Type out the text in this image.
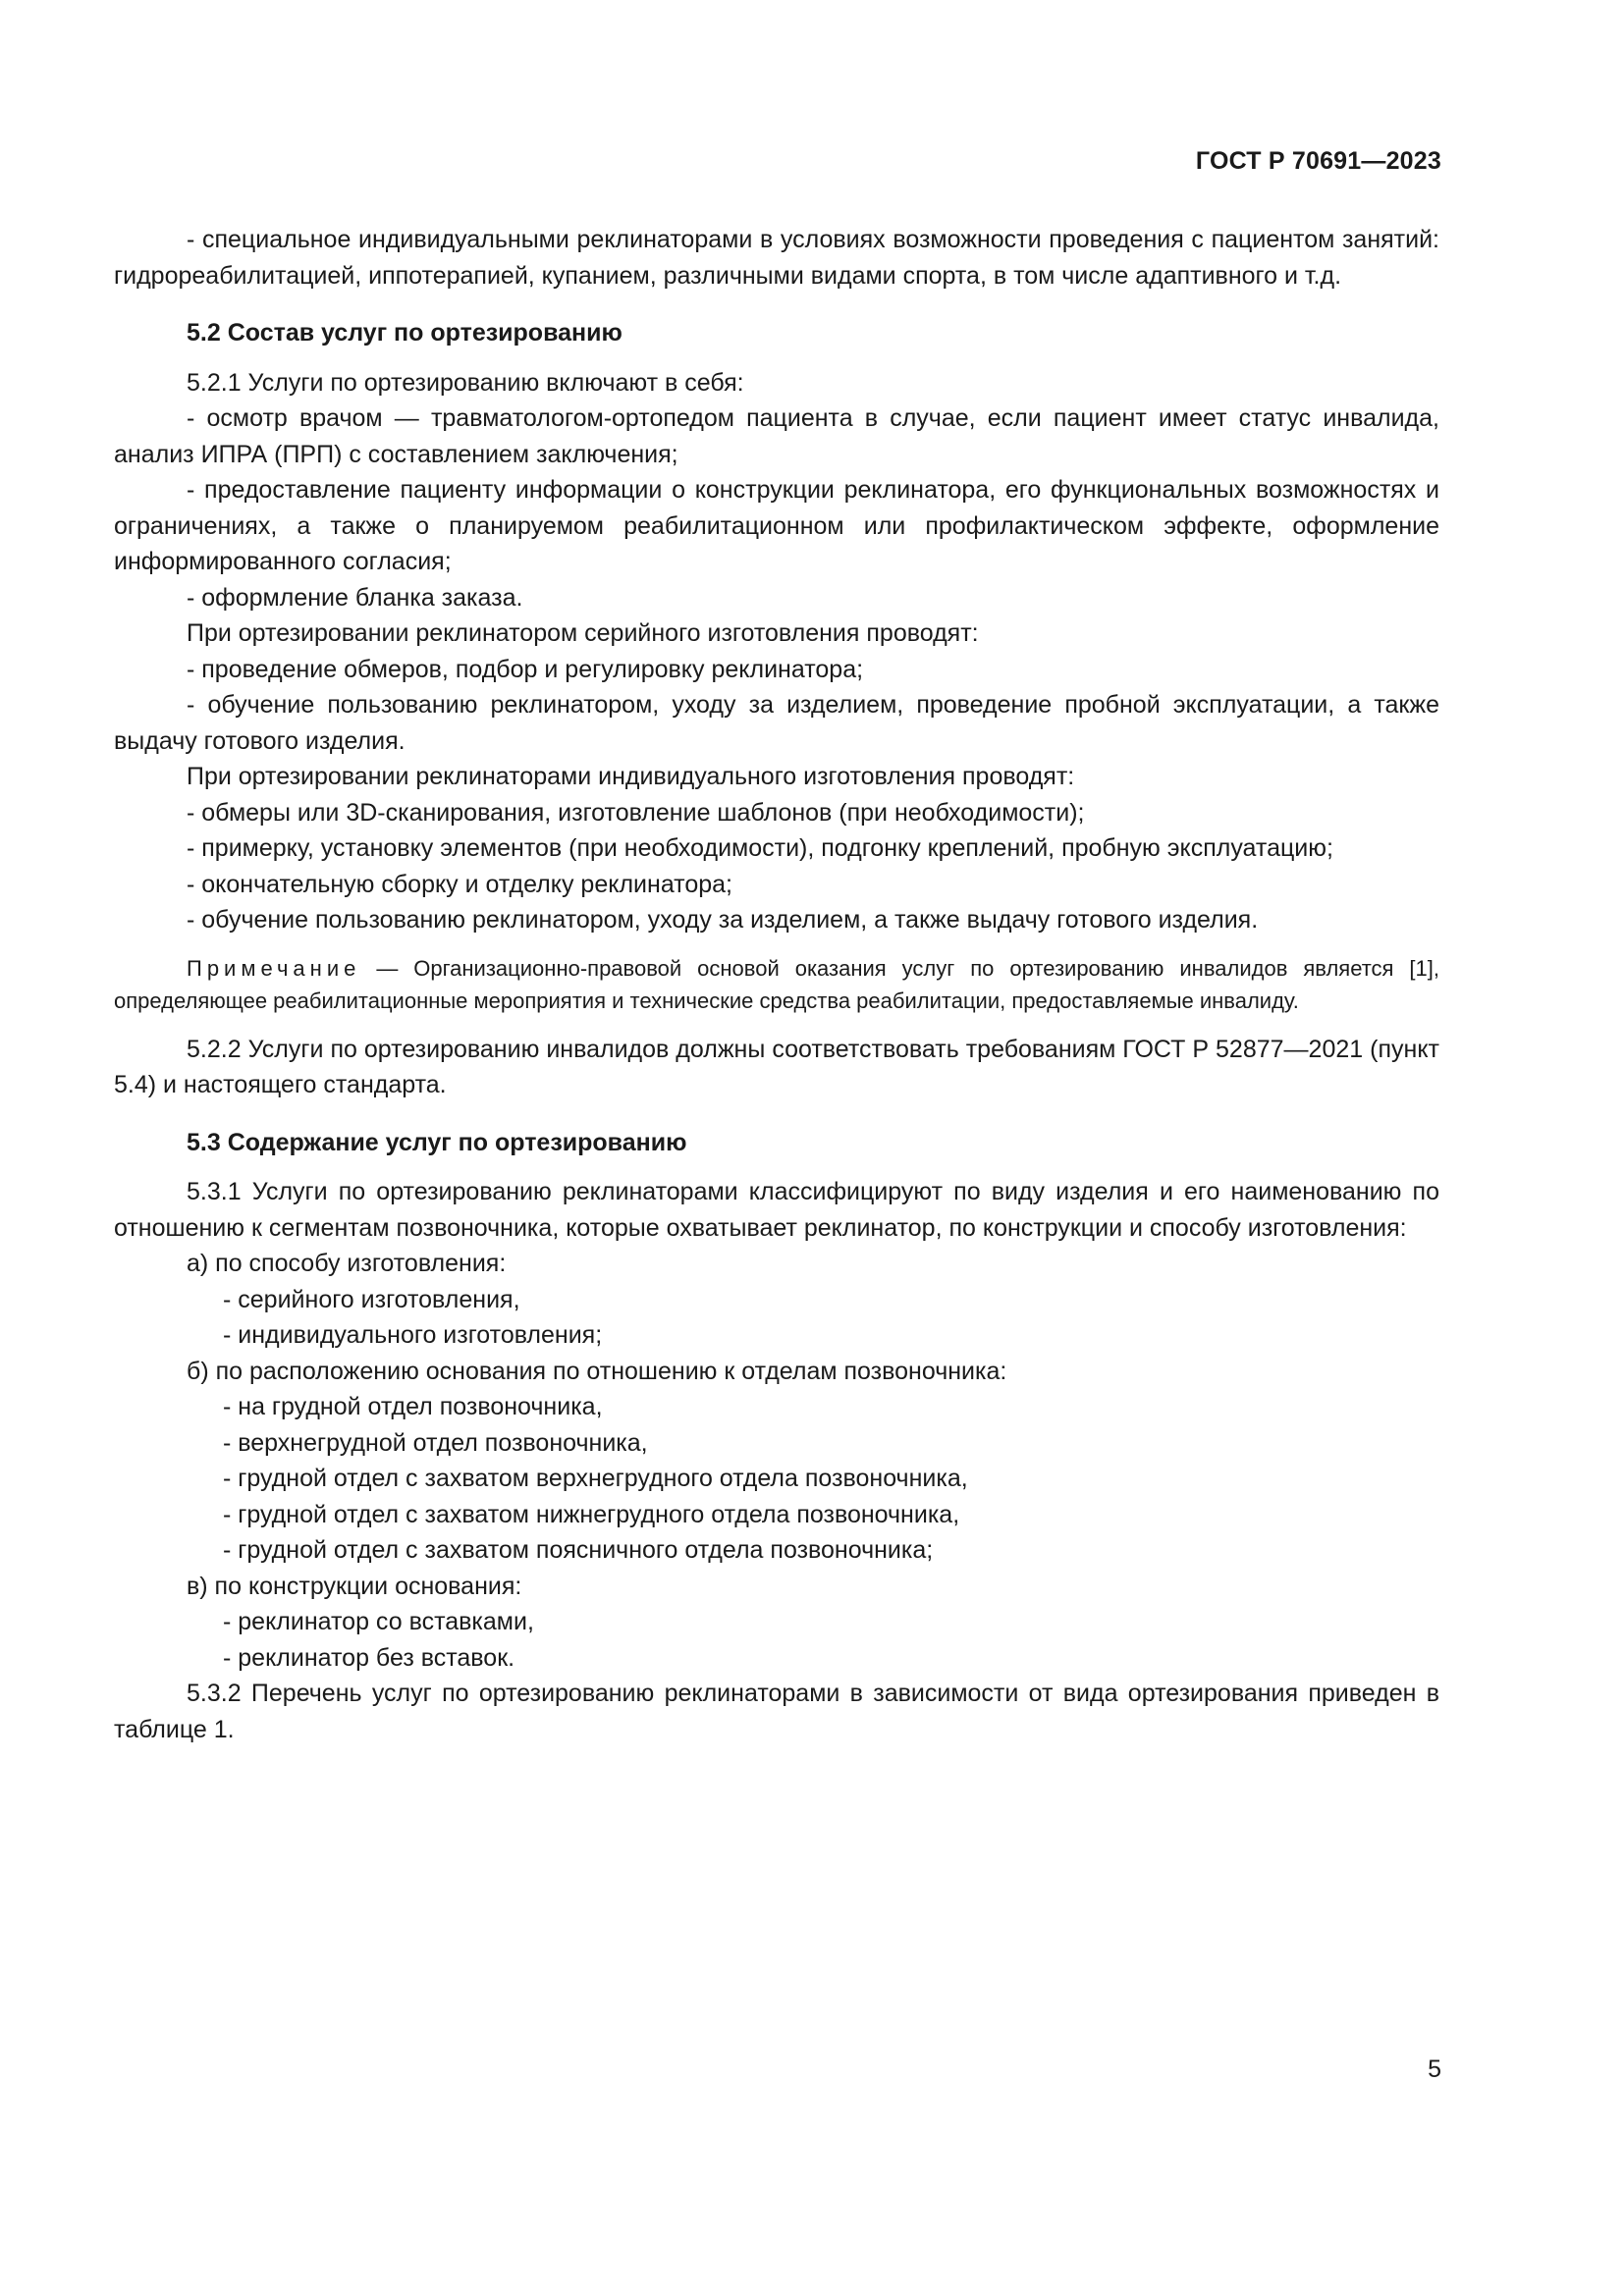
ГОСТ Р 70691—2023

- специальное индивидуальными реклинаторами в условиях возможности проведения с пациентом занятий: гидрореабилитацией, иппотерапией, купанием, различными видами спорта, в том числе адаптивного и т.д.

5.2 Состав услуг по ортезированию

5.2.1 Услуги по ортезированию включают в себя:

- осмотр врачом — травматологом-ортопедом пациента в случае, если пациент имеет статус инвалида, анализ ИПРА (ПРП) с составлением заключения;

- предоставление пациенту информации о конструкции реклинатора, его функциональных возможностях и ограничениях, а также о планируемом реабилитационном или профилактическом эффекте, оформление информированного согласия;

- оформление бланка заказа.

При ортезировании реклинатором серийного изготовления проводят:

- проведение обмеров, подбор и регулировку реклинатора;

- обучение пользованию реклинатором, уходу за изделием, проведение пробной эксплуатации, а также выдачу готового изделия.

При ортезировании реклинаторами индивидуального изготовления проводят:

- обмеры или 3D-сканирования, изготовление шаблонов (при необходимости);

- примерку, установку элементов (при необходимости), подгонку креплений, пробную эксплуатацию;

- окончательную сборку и отделку реклинатора;

- обучение пользованию реклинатором, уходу за изделием, а также выдачу готового изделия.

Примечание — Организационно-правовой основой оказания услуг по ортезированию инвалидов является [1], определяющее реабилитационные мероприятия и технические средства реабилитации, предоставляемые инвалиду.

5.2.2 Услуги по ортезированию инвалидов должны соответствовать требованиям ГОСТ Р 52877—2021 (пункт 5.4) и настоящего стандарта.

5.3 Содержание услуг по ортезированию

5.3.1 Услуги по ортезированию реклинаторами классифицируют по виду изделия и его наименованию по отношению к сегментам позвоночника, которые охватывает реклинатор, по конструкции и способу изготовления:

а) по способу изготовления:

- серийного изготовления,

- индивидуального изготовления;

б) по расположению основания по отношению к отделам позвоночника:

- на грудной отдел позвоночника,

- верхнегрудной отдел позвоночника,

- грудной отдел с захватом верхнегрудного отдела позвоночника,

- грудной отдел с захватом нижнегрудного отдела позвоночника,

- грудной отдел с захватом поясничного отдела позвоночника;

в) по конструкции основания:

- реклинатор со вставками,

- реклинатор без вставок.

5.3.2 Перечень услуг по ортезированию реклинаторами в зависимости от вида ортезирования приведен в таблице 1.

5
